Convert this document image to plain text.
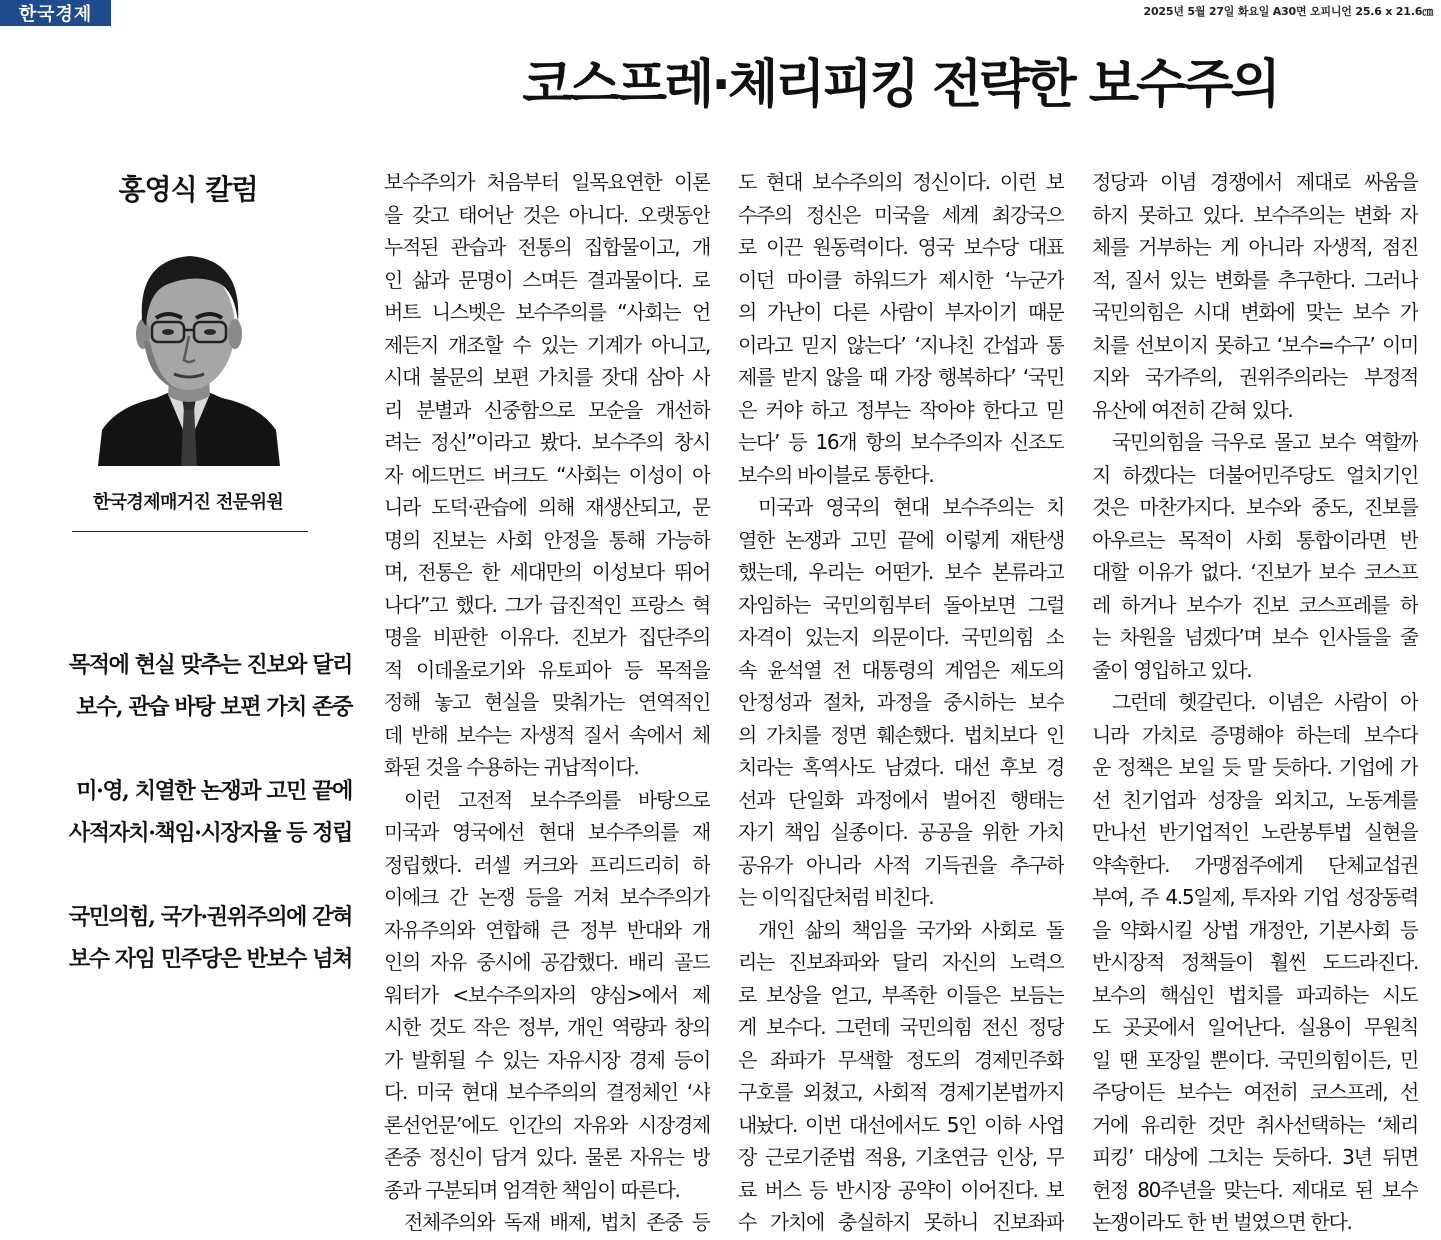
한국경제	2025년 5월 27일 화요일 A30면 오피니언 25.6 x 21.6㎝
코스프레·체리피킹 전략한 보수주의
홍영식 칼럼
한국경제매거진 전문위원
목적에 현실 맞추는 진보와 달리
보수, 관습 바탕 보편 가치 존중
미·영, 치열한 논쟁과 고민 끝에
사적자치·책임·시장자율 등 정립
국민의힘, 국가·권위주의에 갇혀
보수 자임 민주당은 반보수 넘쳐
보수주의가 처음부터 일목요연한 이론
을 갖고 태어난 것은 아니다. 오랫동안
누적된 관습과 전통의 집합물이고, 개
인 삶과 문명이 스며든 결과물이다. 로
버트 니스벳은 보수주의를 “사회는 언
제든지 개조할 수 있는 기계가 아니고,
시대 불문의 보편 가치를 잣대 삼아 사
리 분별과 신중함으로 모순을 개선하
려는 정신”이라고 봤다. 보수주의 창시
자 에드먼드 버크도 “사회는 이성이 아
니라 도덕·관습에 의해 재생산되고, 문
명의 진보는 사회 안정을 통해 가능하
며, 전통은 한 세대만의 이성보다 뛰어
나다”고 했다. 그가 급진적인 프랑스 혁
명을 비판한 이유다. 진보가 집단주의
적 이데올로기와 유토피아 등 목적을
정해 놓고 현실을 맞춰가는 연역적인
데 반해 보수는 자생적 질서 속에서 체
화된 것을 수용하는 귀납적이다.
이런 고전적 보수주의를 바탕으로
미국과 영국에선 현대 보수주의를 재
정립했다. 러셀 커크와 프리드리히 하
이에크 간 논쟁 등을 거쳐 보수주의가
자유주의와 연합해 큰 정부 반대와 개
인의 자유 중시에 공감했다. 배리 골드
워터가 <보수주의자의 양심>에서 제
시한 것도 작은 정부, 개인 역량과 창의
가 발휘될 수 있는 자유시장 경제 등이
다. 미국 현대 보수주의의 결정체인 ‘샤
론선언문’에도 인간의 자유와 시장경제
존중 정신이 담겨 있다. 물론 자유는 방
종과 구분되며 엄격한 책임이 따른다.
전체주의와 독재 배제, 법치 존중 등
도 현대 보수주의의 정신이다. 이런 보
수주의 정신은 미국을 세계 최강국으
로 이끈 원동력이다. 영국 보수당 대표
이던 마이클 하워드가 제시한 ‘누군가
의 가난이 다른 사람이 부자이기 때문
이라고 믿지 않는다’ ‘지나친 간섭과 통
제를 받지 않을 때 가장 행복하다’ ‘국민
은 커야 하고 정부는 작아야 한다고 믿
는다’ 등 16개 항의 보수주의자 신조도
보수의 바이블로 통한다.
미국과 영국의 현대 보수주의는 치
열한 논쟁과 고민 끝에 이렇게 재탄생
했는데, 우리는 어떤가. 보수 본류라고
자임하는 국민의힘부터 돌아보면 그럴
자격이 있는지 의문이다. 국민의힘 소
속 윤석열 전 대통령의 계엄은 제도의
안정성과 절차, 과정을 중시하는 보수
의 가치를 정면 훼손했다. 법치보다 인
치라는 혹역사도 남겼다. 대선 후보 경
선과 단일화 과정에서 벌어진 행태는
자기 책임 실종이다. 공공을 위한 가치
공유가 아니라 사적 기득권을 추구하
는 이익집단처럼 비친다.
개인 삶의 책임을 국가와 사회로 돌
리는 진보좌파와 달리 자신의 노력으
로 보상을 얻고, 부족한 이들은 보듬는
게 보수다. 그런데 국민의힘 전신 정당
은 좌파가 무색할 정도의 경제민주화
구호를 외쳤고, 사회적 경제기본법까지
내놨다. 이번 대선에서도 5인 이하 사업
장 근로기준법 적용, 기초연금 인상, 무
료 버스 등 반시장 공약이 이어진다. 보
수 가치에 충실하지 못하니 진보좌파
정당과 이념 경쟁에서 제대로 싸움을
하지 못하고 있다. 보수주의는 변화 자
체를 거부하는 게 아니라 자생적, 점진
적, 질서 있는 변화를 추구한다. 그러나
국민의힘은 시대 변화에 맞는 보수 가
치를 선보이지 못하고 ‘보수=수구’ 이미
지와 국가주의, 권위주의라는 부정적
유산에 여전히 갇혀 있다.
국민의힘을 극우로 몰고 보수 역할까
지 하겠다는 더불어민주당도 얼치기인
것은 마찬가지다. 보수와 중도, 진보를
아우르는 목적이 사회 통합이라면 반
대할 이유가 없다. ‘진보가 보수 코스프
레 하거나 보수가 진보 코스프레를 하
는 차원을 넘겠다’며 보수 인사들을 줄
줄이 영입하고 있다.
그런데 헷갈린다. 이념은 사람이 아
니라 가치로 증명해야 하는데 보수다
운 정책은 보일 듯 말 듯하다. 기업에 가
선 친기업과 성장을 외치고, 노동계를
만나선 반기업적인 노란봉투법 실현을
약속한다. 가맹점주에게 단체교섭권
부여, 주 4.5일제, 투자와 기업 성장동력
을 약화시킬 상법 개정안, 기본사회 등
반시장적 정책들이 훨씬 도드라진다.
보수의 핵심인 법치를 파괴하는 시도
도 곳곳에서 일어난다. 실용이 무원칙
일 땐 포장일 뿐이다. 국민의힘이든, 민
주당이든 보수는 여전히 코스프레, 선
거에 유리한 것만 취사선택하는 ‘체리
피킹’ 대상에 그치는 듯하다. 3년 뒤면
헌정 80주년을 맞는다. 제대로 된 보수
논쟁이라도 한 번 벌였으면 한다.
